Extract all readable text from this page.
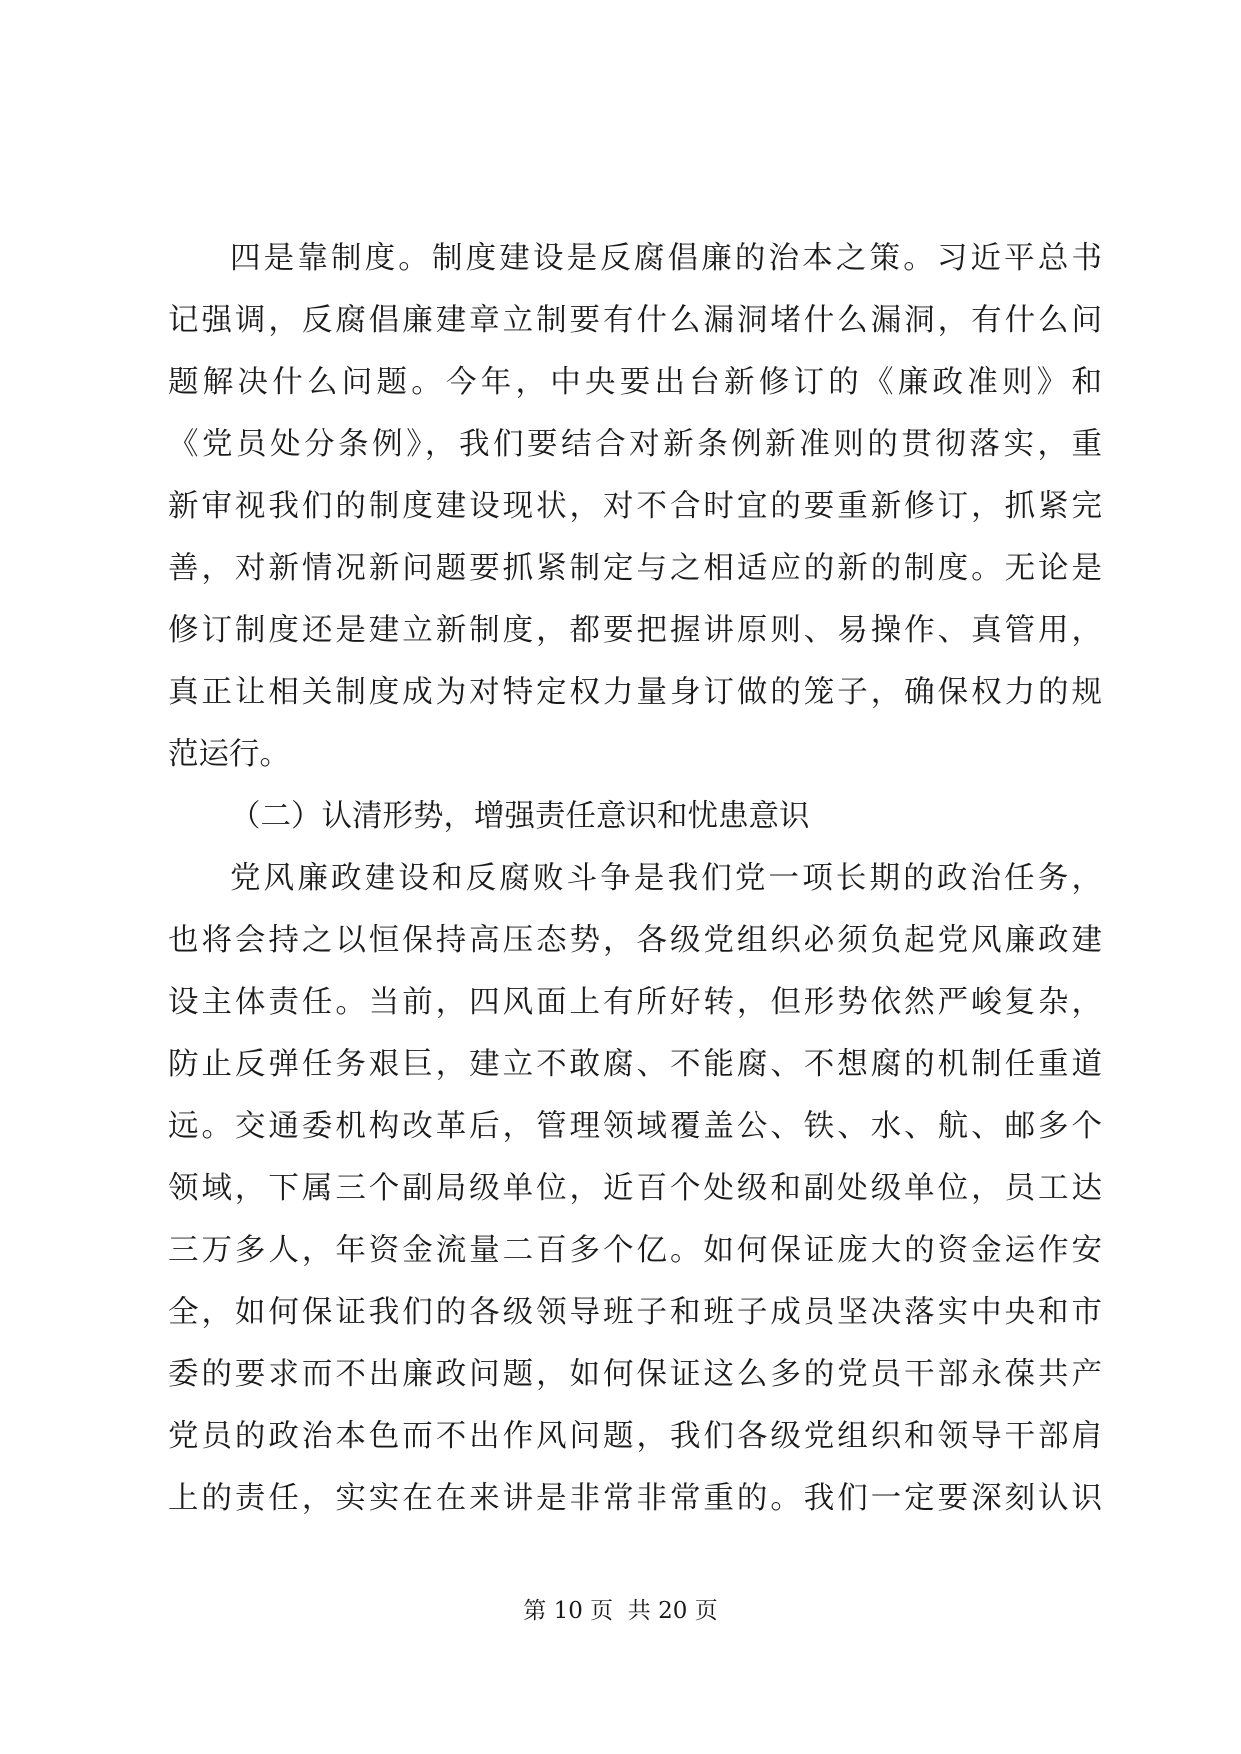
四是靠制度。制度建设是反腐倡廉的治本之策。习近平总书
记强调，反腐倡廉建章立制要有什么漏洞堵什么漏洞，有什么问
题解决什么问题。今年，中央要出台新修订的《廉政准则》和
《党员处分条例》，我们要结合对新条例新准则的贯彻落实，重
新审视我们的制度建设现状，对不合时宜的要重新修订，抓紧完
善，对新情况新问题要抓紧制定与之相适应的新的制度。无论是
修订制度还是建立新制度，都要把握讲原则、易操作、真管用，
真正让相关制度成为对特定权力量身订做的笼子，确保权力的规
范运行。
（二）认清形势，增强责任意识和忧患意识
党风廉政建设和反腐败斗争是我们党一项长期的政治任务，
也将会持之以恒保持高压态势，各级党组织必须负起党风廉政建
设主体责任。当前，四风面上有所好转，但形势依然严峻复杂，
防止反弹任务艰巨，建立不敢腐、不能腐、不想腐的机制任重道
远。交通委机构改革后，管理领域覆盖公、铁、水、航、邮多个
领域，下属三个副局级单位，近百个处级和副处级单位，员工达
三万多人，年资金流量二百多个亿。如何保证庞大的资金运作安
全，如何保证我们的各级领导班子和班子成员坚决落实中央和市
委的要求而不出廉政问题，如何保证这么多的党员干部永葆共产
党员的政治本色而不出作风问题，我们各级党组织和领导干部肩
上的责任，实实在在来讲是非常非常重的。我们一定要深刻认识
第 10 页  共 20 页
